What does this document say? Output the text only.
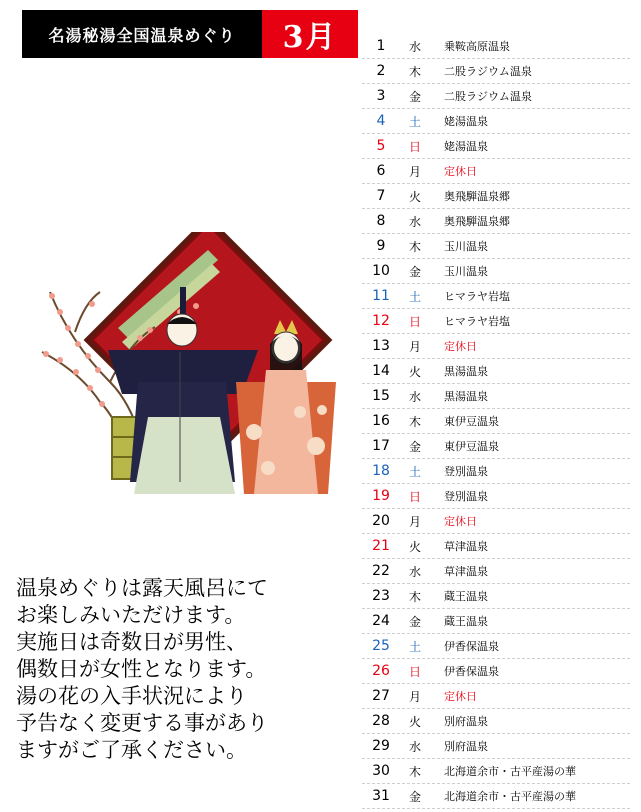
名湯秘湯全国温泉めぐり	3月
温泉めぐりは露天風呂にて
お楽しみいただけます。
実施日は奇数日が男性、
偶数日が女性となります。
湯の花の入手状況により
予告なく変更する事があり
ますがご了承ください。
1	水	乗鞍高原温泉
2	木	二股ラジウム温泉
3	金	二股ラジウム温泉
4	土	姥湯温泉
5	日	姥湯温泉
6	月	定休日
7	火	奥飛騨温泉郷
8	水	奥飛騨温泉郷
9	木	玉川温泉
10	金	玉川温泉
11	土	ヒマラヤ岩塩
12	日	ヒマラヤ岩塩
13	月	定休日
14	火	黒湯温泉
15	水	黒湯温泉
16	木	東伊豆温泉
17	金	東伊豆温泉
18	土	登別温泉
19	日	登別温泉
20	月	定休日
21	火	草津温泉
22	水	草津温泉
23	木	蔵王温泉
24	金	蔵王温泉
25	土	伊香保温泉
26	日	伊香保温泉
27	月	定休日
28	火	別府温泉
29	水	別府温泉
30	木	北海道余市・古平産湯の華
31	金	北海道余市・古平産湯の華
